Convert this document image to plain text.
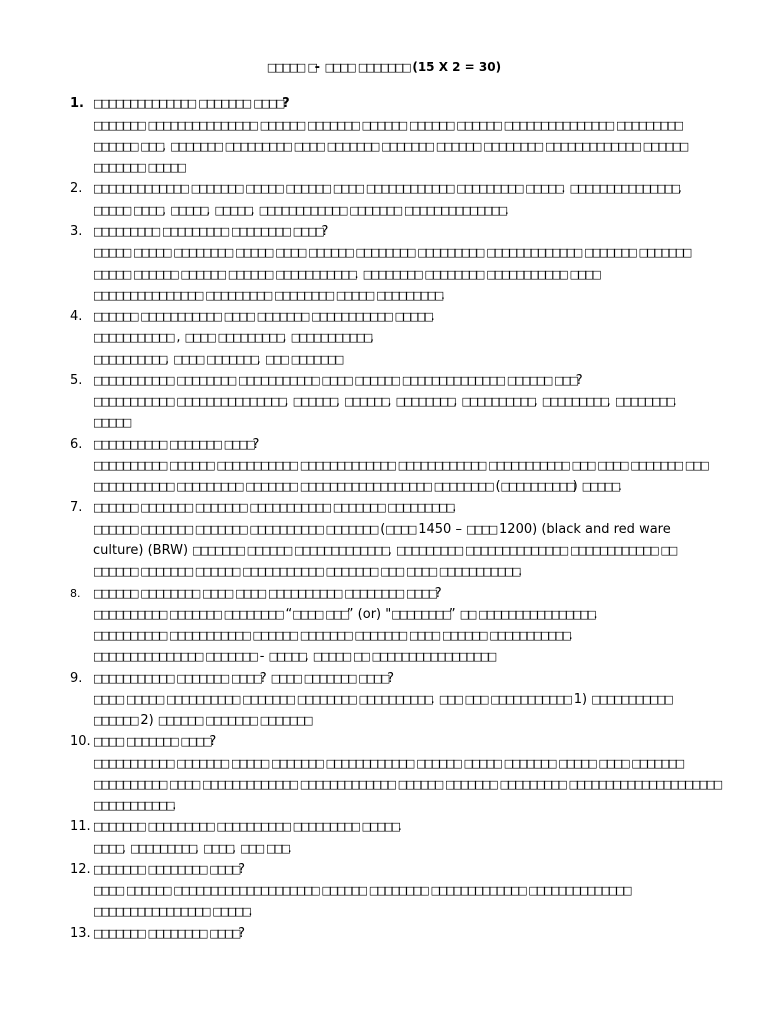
□□□□□ □- □□□□ □□□□□□□ (15 X 2 = 30)
1. □□□□□□□□□□□□□□ □□□□□□□ □□□□?
□□□□□□□ □□□□□□□□□□□□□□□ □□□□□□ □□□□□□□ □□□□□□ □□□□□□ □□□□□□ □□□□□□□□□□□□□□□ □□□□□□□□□
□□□□□□ □□□, □□□□□□□ □□□□□□□□□ □□□□ □□□□□□□ □□□□□□□ □□□□□□ □□□□□□□□ □□□□□□□□□□□□□ □□□□□□
□□□□□□□ □□□□□
2. □□□□□□□□□□□□□ □□□□□□□ □□□□□ □□□□□□ □□□□ □□□□□□□□□□□□ □□□□□□□□□ □□□□□. □□□□□□□□□□□□□□□,
□□□□□ □□□□, □□□□□, □□□□□, □□□□□□□□□□□□ □□□□□□□ □□□□□□□□□□□□□□.
3. □□□□□□□□□ □□□□□□□□□ □□□□□□□□ □□□□?
□□□□□ □□□□□ □□□□□□□□ □□□□□ □□□□ □□□□□□ □□□□□□□□ □□□□□□□□□ □□□□□□□□□□□□□ □□□□□□□ □□□□□□□
□□□□□ □□□□□□ □□□□□□ □□□□□□ □□□□□□□□□□□. □□□□□□□□ □□□□□□□□ □□□□□□□□□□□ □□□□
□□□□□□□□□□□□□□□ □□□□□□□□□ □□□□□□□□ □□□□□ □□□□□□□□□.
4. □□□□□□ □□□□□□□□□□□ □□□□ □□□□□□□ □□□□□□□□□□□ □□□□□.
□□□□□□□□□□□ , □□□□ □□□□□□□□□, □□□□□□□□□□□,
□□□□□□□□□□, □□□□ □□□□□□□, □□□ □□□□□□□
5. □□□□□□□□□□□ □□□□□□□□ □□□□□□□□□□□ □□□□ □□□□□□ □□□□□□□□□□□□□□ □□□□□□ □□□?
□□□□□□□□□□□ □□□□□□□□□□□□□□□, □□□□□□, □□□□□□, □□□□□□□□, □□□□□□□□□□, □□□□□□□□□, □□□□□□□□.
□□□□□
6. □□□□□□□□□□ □□□□□□□ □□□□?
□□□□□□□□□□ □□□□□□ □□□□□□□□□□□ □□□□□□□□□□□□□ □□□□□□□□□□□□ □□□□□□□□□□□ □□□ □□□□ □□□□□□□ □□□
□□□□□□□□□□□ □□□□□□□□□ □□□□□□□ □□□□□□□□□□□□□□□□□□ □□□□□□□□ (□□□□□□□□□□) □□□□□.
7. □□□□□□ □□□□□□□ □□□□□□□ □□□□□□□□□□□ □□□□□□□ □□□□□□□□□.
□□□□□□ □□□□□□□ □□□□□□□ □□□□□□□□□□ □□□□□□□ (□□□□ 1450 – □□□□ 1200) (black and red ware
culture) (BRW) □□□□□□□ □□□□□□ □□□□□□□□□□□□□, □□□□□□□□□ □□□□□□□□□□□□□□ □□□□□□□□□□□□ □□
□□□□□□ □□□□□□□ □□□□□□ □□□□□□□□□□□ □□□□□□□ □□□ □□□□ □□□□□□□□□□□.
8.	□□□□□□ □□□□□□□□ □□□□ □□□□ □□□□□□□□□□ □□□□□□□□ □□□□?
□□□□□□□□□□ □□□□□□□ □□□□□□□□ “□□□□ □□□” (or) "□□□□□□□□” □□ □□□□□□□□□□□□□□□□.
□□□□□□□□□□ □□□□□□□□□□□ □□□□□□ □□□□□□□ □□□□□□□ □□□□ □□□□□□ □□□□□□□□□□□.
□□□□□□□□□□□□□□□ □□□□□□□ - □□□□□, □□□□□ □□ □□□□□□□□□□□□□□□□□
9. □□□□□□□□□□□ □□□□□□□ □□□□? □□□□ □□□□□□□ □□□□?
□□□□ □□□□□ □□□□□□□□□□ □□□□□□□ □□□□□□□□ □□□□□□□□□□. □□□ □□□ □□□□□□□□□□□ 1) □□□□□□□□□□□
□□□□□□ 2) □□□□□□ □□□□□□□ □□□□□□□
10. □□□□ □□□□□□□ □□□□?
□□□□□□□□□□□ □□□□□□□ □□□□□ □□□□□□□ □□□□□□□□□□□□ □□□□□□ □□□□□ □□□□□□□ □□□□□ □□□□ □□□□□□□
□□□□□□□□□□ □□□□ □□□□□□□□□□□□□ □□□□□□□□□□□□□ □□□□□□ □□□□□□□ □□□□□□□□□ □□□□□□□□□□□□□□□□□□□□□
□□□□□□□□□□□.
11. □□□□□□□ □□□□□□□□□ □□□□□□□□□□ □□□□□□□□□ □□□□□.
□□□□, □□□□□□□□□, □□□□, □□□ □□□.
12. □□□□□□□ □□□□□□□□ □□□□?
□□□□ □□□□□□ □□□□□□□□□□□□□□□□□□□□ □□□□□□ □□□□□□□□ □□□□□□□□□□□□□ □□□□□□□□□□□□□□
□□□□□□□□□□□□□□□□ □□□□□.
13. □□□□□□□ □□□□□□□□ □□□□?
